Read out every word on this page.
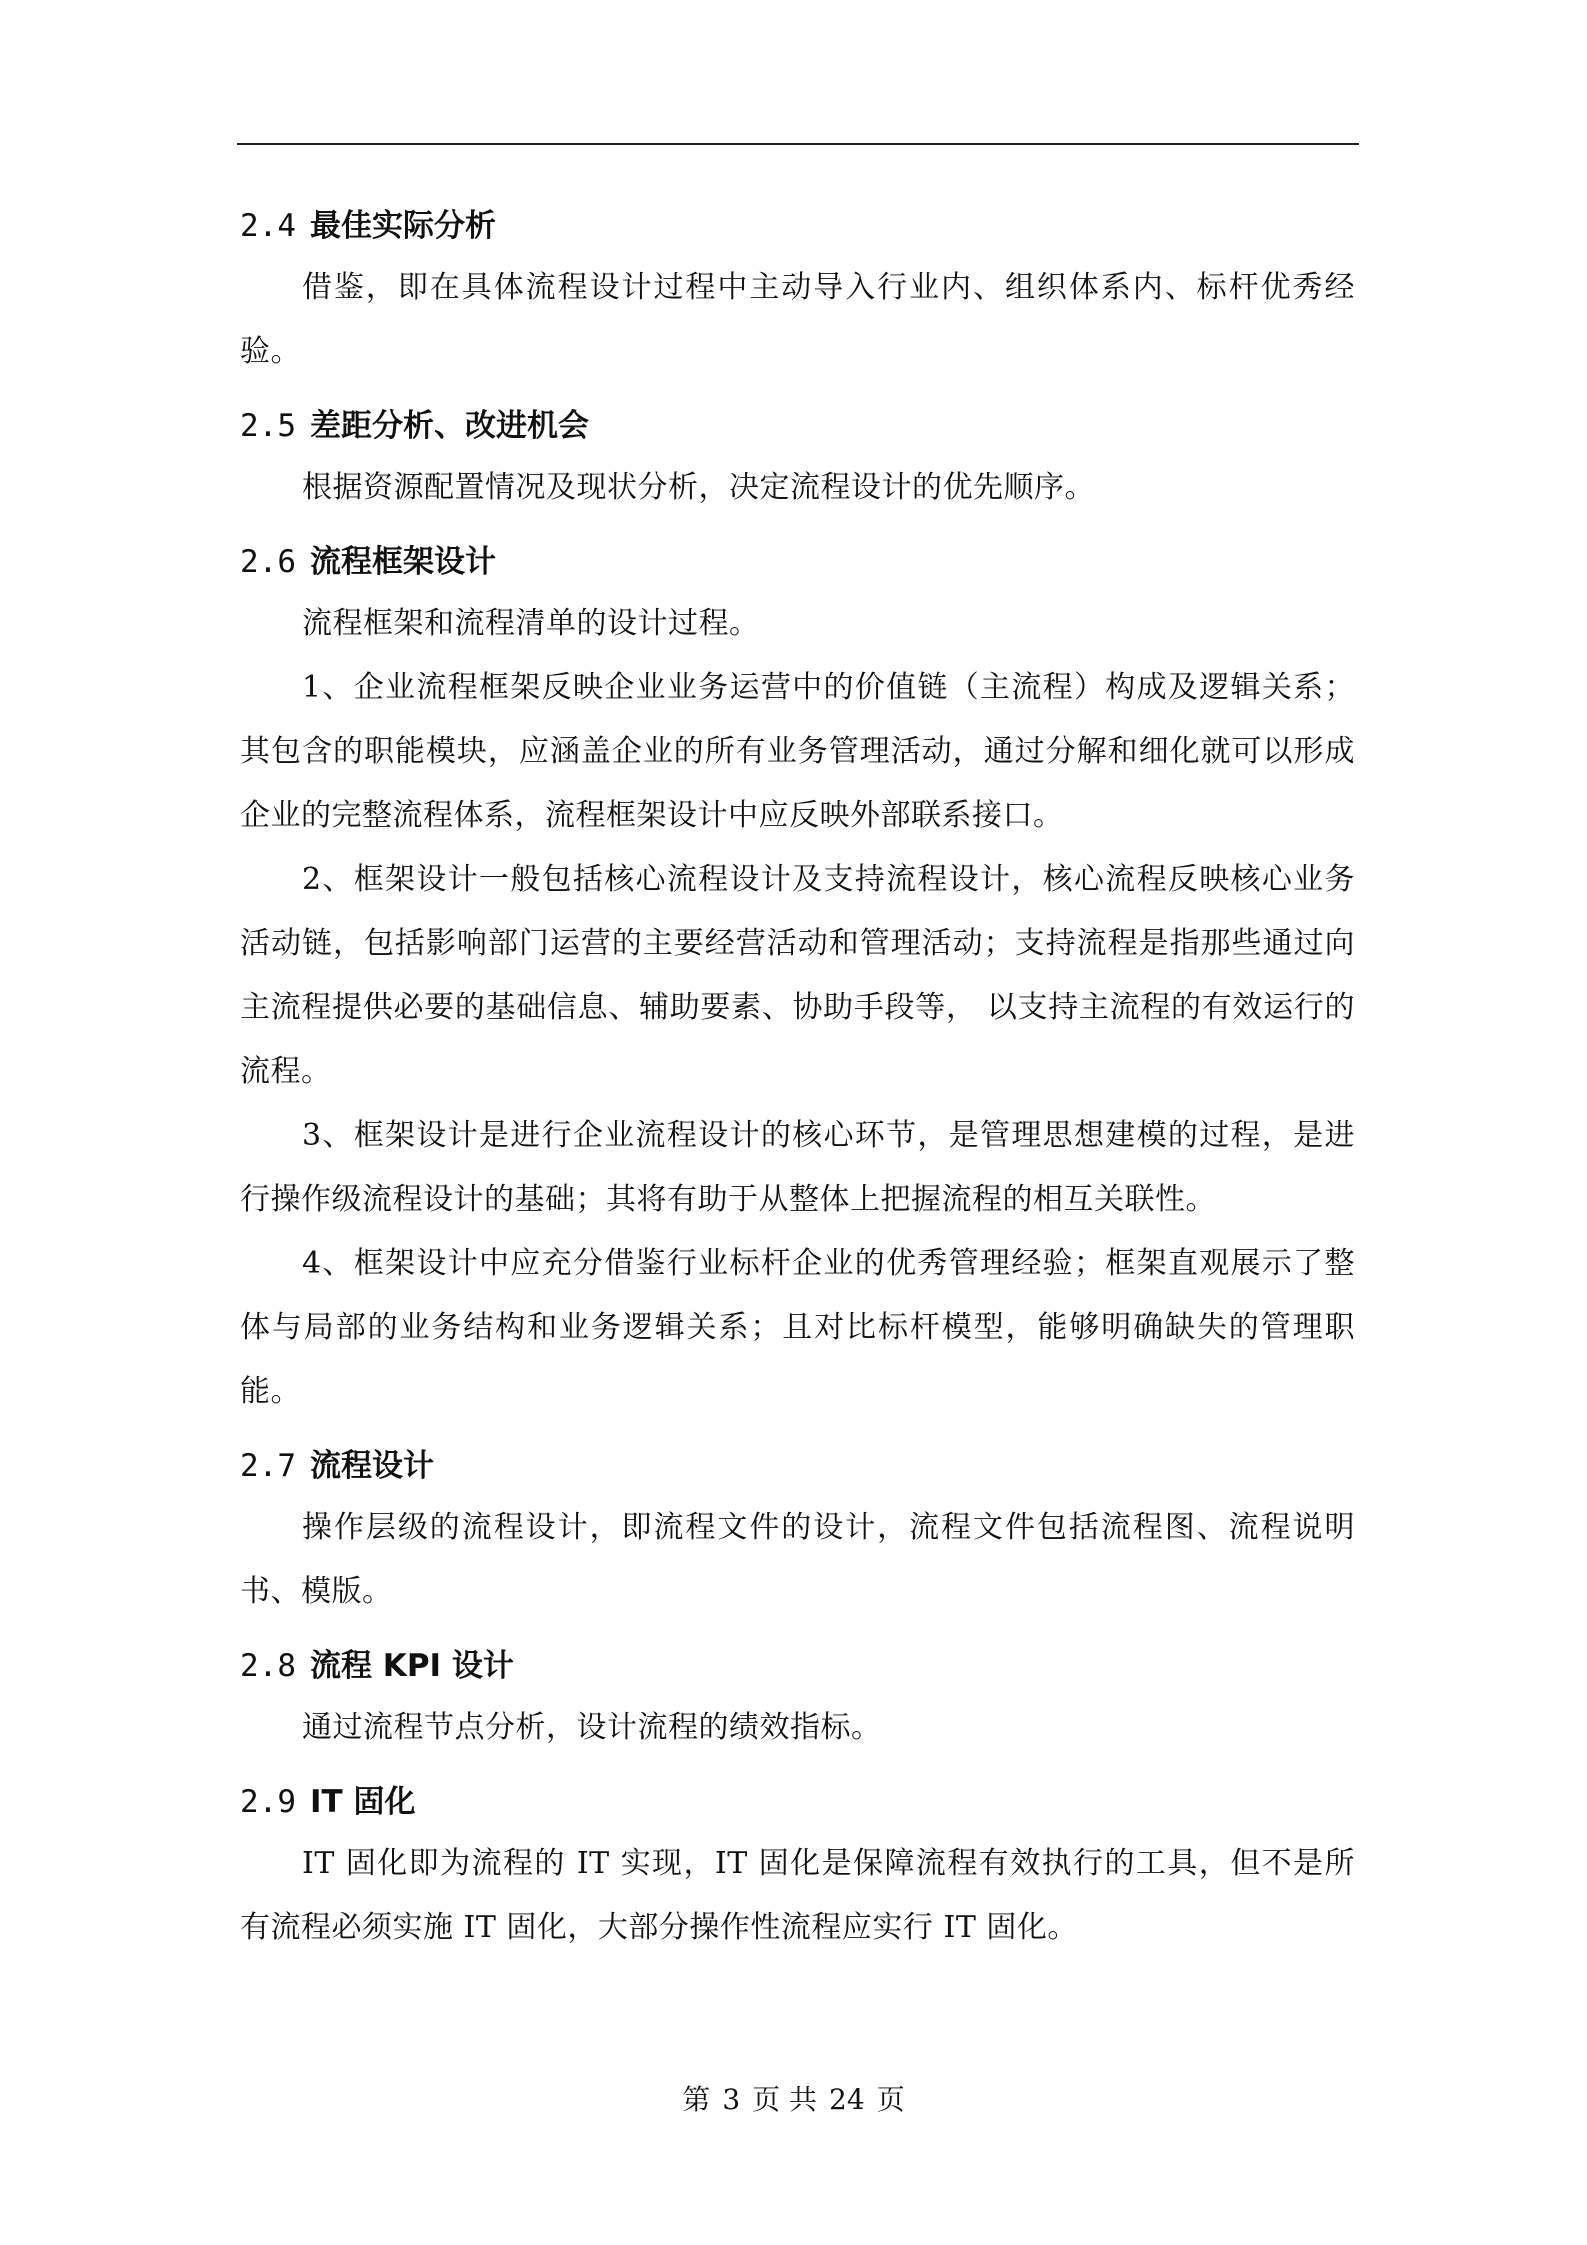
2.4 最佳实际分析

借鉴，即在具体流程设计过程中主动导入行业内、组织体系内、标杆优秀经验。

2.5 差距分析、改进机会

根据资源配置情况及现状分析，决定流程设计的优先顺序。

2.6 流程框架设计

流程框架和流程清单的设计过程。

1、企业流程框架反映企业业务运营中的价值链（主流程）构成及逻辑关系；其包含的职能模块，应涵盖企业的所有业务管理活动，通过分解和细化就可以形成企业的完整流程体系，流程框架设计中应反映外部联系接口。

2、框架设计一般包括核心流程设计及支持流程设计，核心流程反映核心业务活动链，包括影响部门运营的主要经营活动和管理活动；支持流程是指那些通过向主流程提供必要的基础信息、辅助要素、协助手段等， 以支持主流程的有效运行的流程。

3、框架设计是进行企业流程设计的核心环节，是管理思想建模的过程，是进行操作级流程设计的基础；其将有助于从整体上把握流程的相互关联性。

4、框架设计中应充分借鉴行业标杆企业的优秀管理经验；框架直观展示了整体与局部的业务结构和业务逻辑关系；且对比标杆模型，能够明确缺失的管理职能。

2.7 流程设计

操作层级的流程设计，即流程文件的设计，流程文件包括流程图、流程说明书、模版。

2.8 流程 KPI 设计

通过流程节点分析，设计流程的绩效指标。

2.9 IT 固化

IT 固化即为流程的 IT 实现，IT 固化是保障流程有效执行的工具，但不是所有流程必须实施 IT 固化，大部分操作性流程应实行 IT 固化。

第 3 页 共 24 页
